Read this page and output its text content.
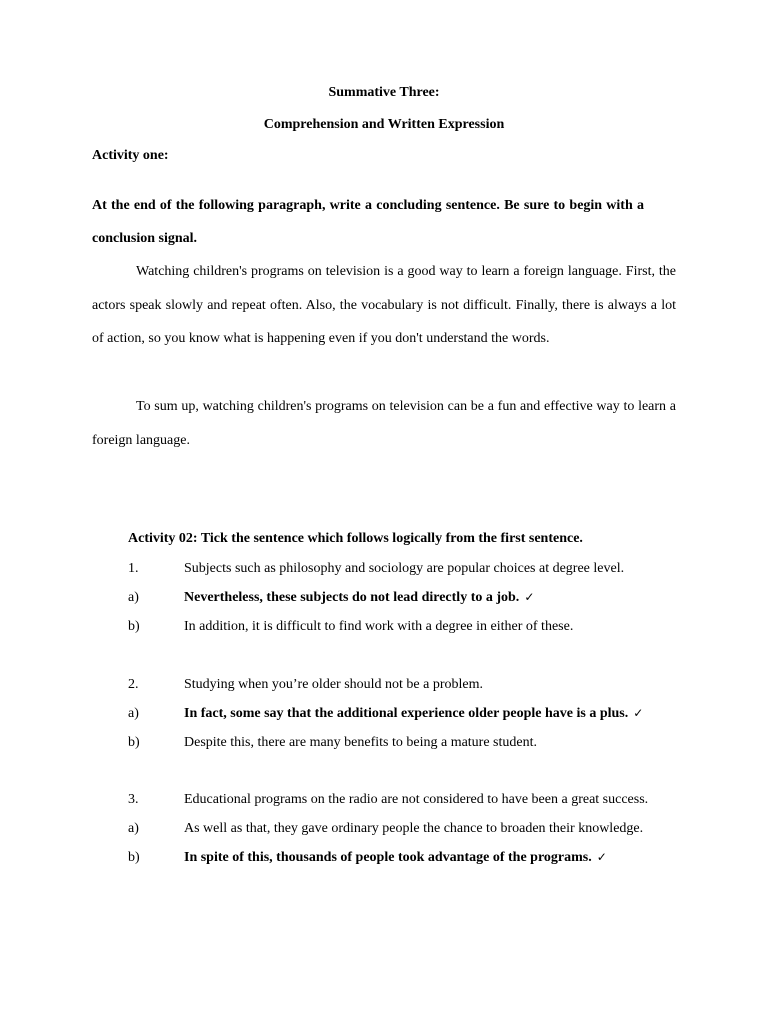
Summative Three:
Comprehension and Written Expression
Activity one:
At the end of the following paragraph, write a concluding sentence. Be sure to begin with a conclusion signal.
Watching children's programs on television is a good way to learn a foreign language. First, the actors speak slowly and repeat often. Also, the vocabulary is not difficult. Finally, there is always a lot of action, so you know what is happening even if you don't understand the words.
To sum up, watching children's programs on television can be a fun and effective way to learn a foreign language.
Activity 02: Tick the sentence which follows logically from the first sentence.
1.	Subjects such as philosophy and sociology are popular choices at degree level.
a)	Nevertheless, these subjects do not lead directly to a job. ✓
b)	In addition, it is difficult to find work with a degree in either of these.
2.	Studying when you’re older should not be a problem.
a)	In fact, some say that the additional experience older people have is a plus. ✓
b)	Despite this, there are many benefits to being a mature student.
3.	Educational programs on the radio are not considered to have been a great success.
a)	As well as that, they gave ordinary people the chance to broaden their knowledge.
b)	In spite of this, thousands of people took advantage of the programs. ✓
